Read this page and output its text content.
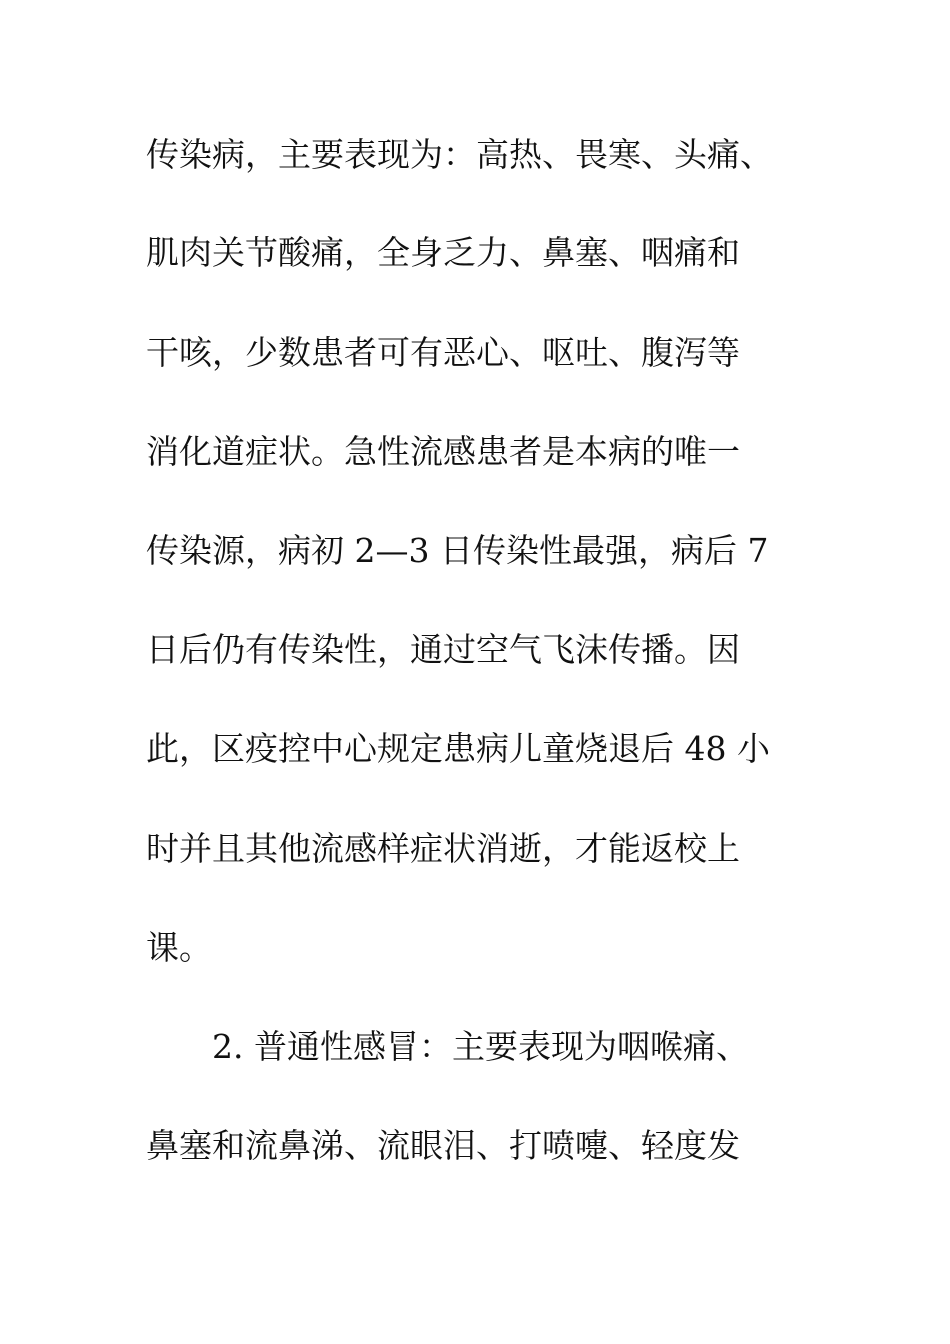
传染病，主要表现为：高热、畏寒、头痛、
肌肉关节酸痛，全身乏力、鼻塞、咽痛和
干咳，少数患者可有恶心、呕吐、腹泻等
消化道症状。急性流感患者是本病的唯一
传染源，病初 2—3 日传染性最强，病后 7
日后仍有传染性，通过空气飞沫传播。因
此，区疫控中心规定患病儿童烧退后 48 小
时并且其他流感样症状消逝，才能返校上
课。
2. 普通性感冒：主要表现为咽喉痛、
鼻塞和流鼻涕、流眼泪、打喷嚏、轻度发
